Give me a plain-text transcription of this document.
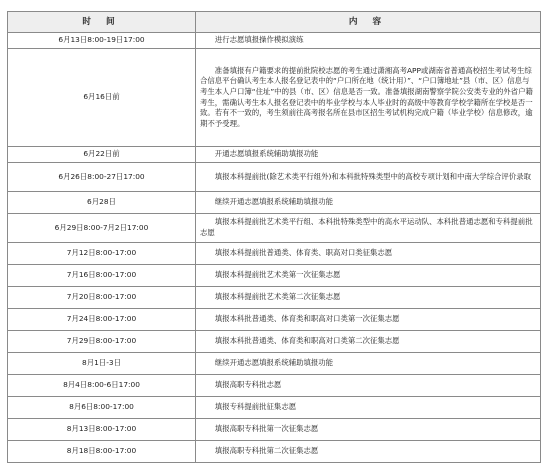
时 间	内 容
6月13日8:00-19日17:00	进行志愿填报操作模拟演练
6月16日前	准备填报有户籍要求的提前批院校志愿的考生通过潇湘高考APP或湖南省普通高校招生考试考生综合信息平台确认考生本人报名登记表中的“户口所在地（统计用）”、“户口簿地址”县（市、区）信息与考生本人户口簿“住址”中的县（市、区）信息是否一致。准备填报湖南警察学院公安类专业的外省户籍考生，需确认考生本人报名登记表中的毕业学校与本人毕业时的高级中等教育学校学籍所在学校是否一致。若有不一致的，考生须前往高考报名所在县市区招生考试机构完成户籍（毕业学校）信息修改，逾期不予受理。
6月22日前	开通志愿填报系统辅助填报功能
6月26日8:00-27日17:00	填报本科提前批(除艺术类平行组外)和本科批特殊类型中的高校专项计划和中南大学综合评价录取
6月28日	继续开通志愿填报系统辅助填报功能
6月29日8:00-7月2日17:00	填报本科提前批艺术类平行组、本科批特殊类型中的高水平运动队、本科批普通志愿和专科提前批志愿
7月12日8:00-17:00	填报本科提前批普通类、体育类、职高对口类征集志愿
7月16日8:00-17:00	填报本科提前批艺术类第一次征集志愿
7月20日8:00-17:00	填报本科提前批艺术类第二次征集志愿
7月24日8:00-17:00	填报本科批普通类、体育类和职高对口类第一次征集志愿
7月29日8:00-17:00	填报本科批普通类、体育类和职高对口类第二次征集志愿
8月1日-3日	继续开通志愿填报系统辅助填报功能
8月4日8:00-6日17:00	填报高职专科批志愿
8月6日8:00-17:00	填报专科提前批征集志愿
8月13日8:00-17:00	填报高职专科批第一次征集志愿
8月18日8:00-17:00	填报高职专科批第二次征集志愿
